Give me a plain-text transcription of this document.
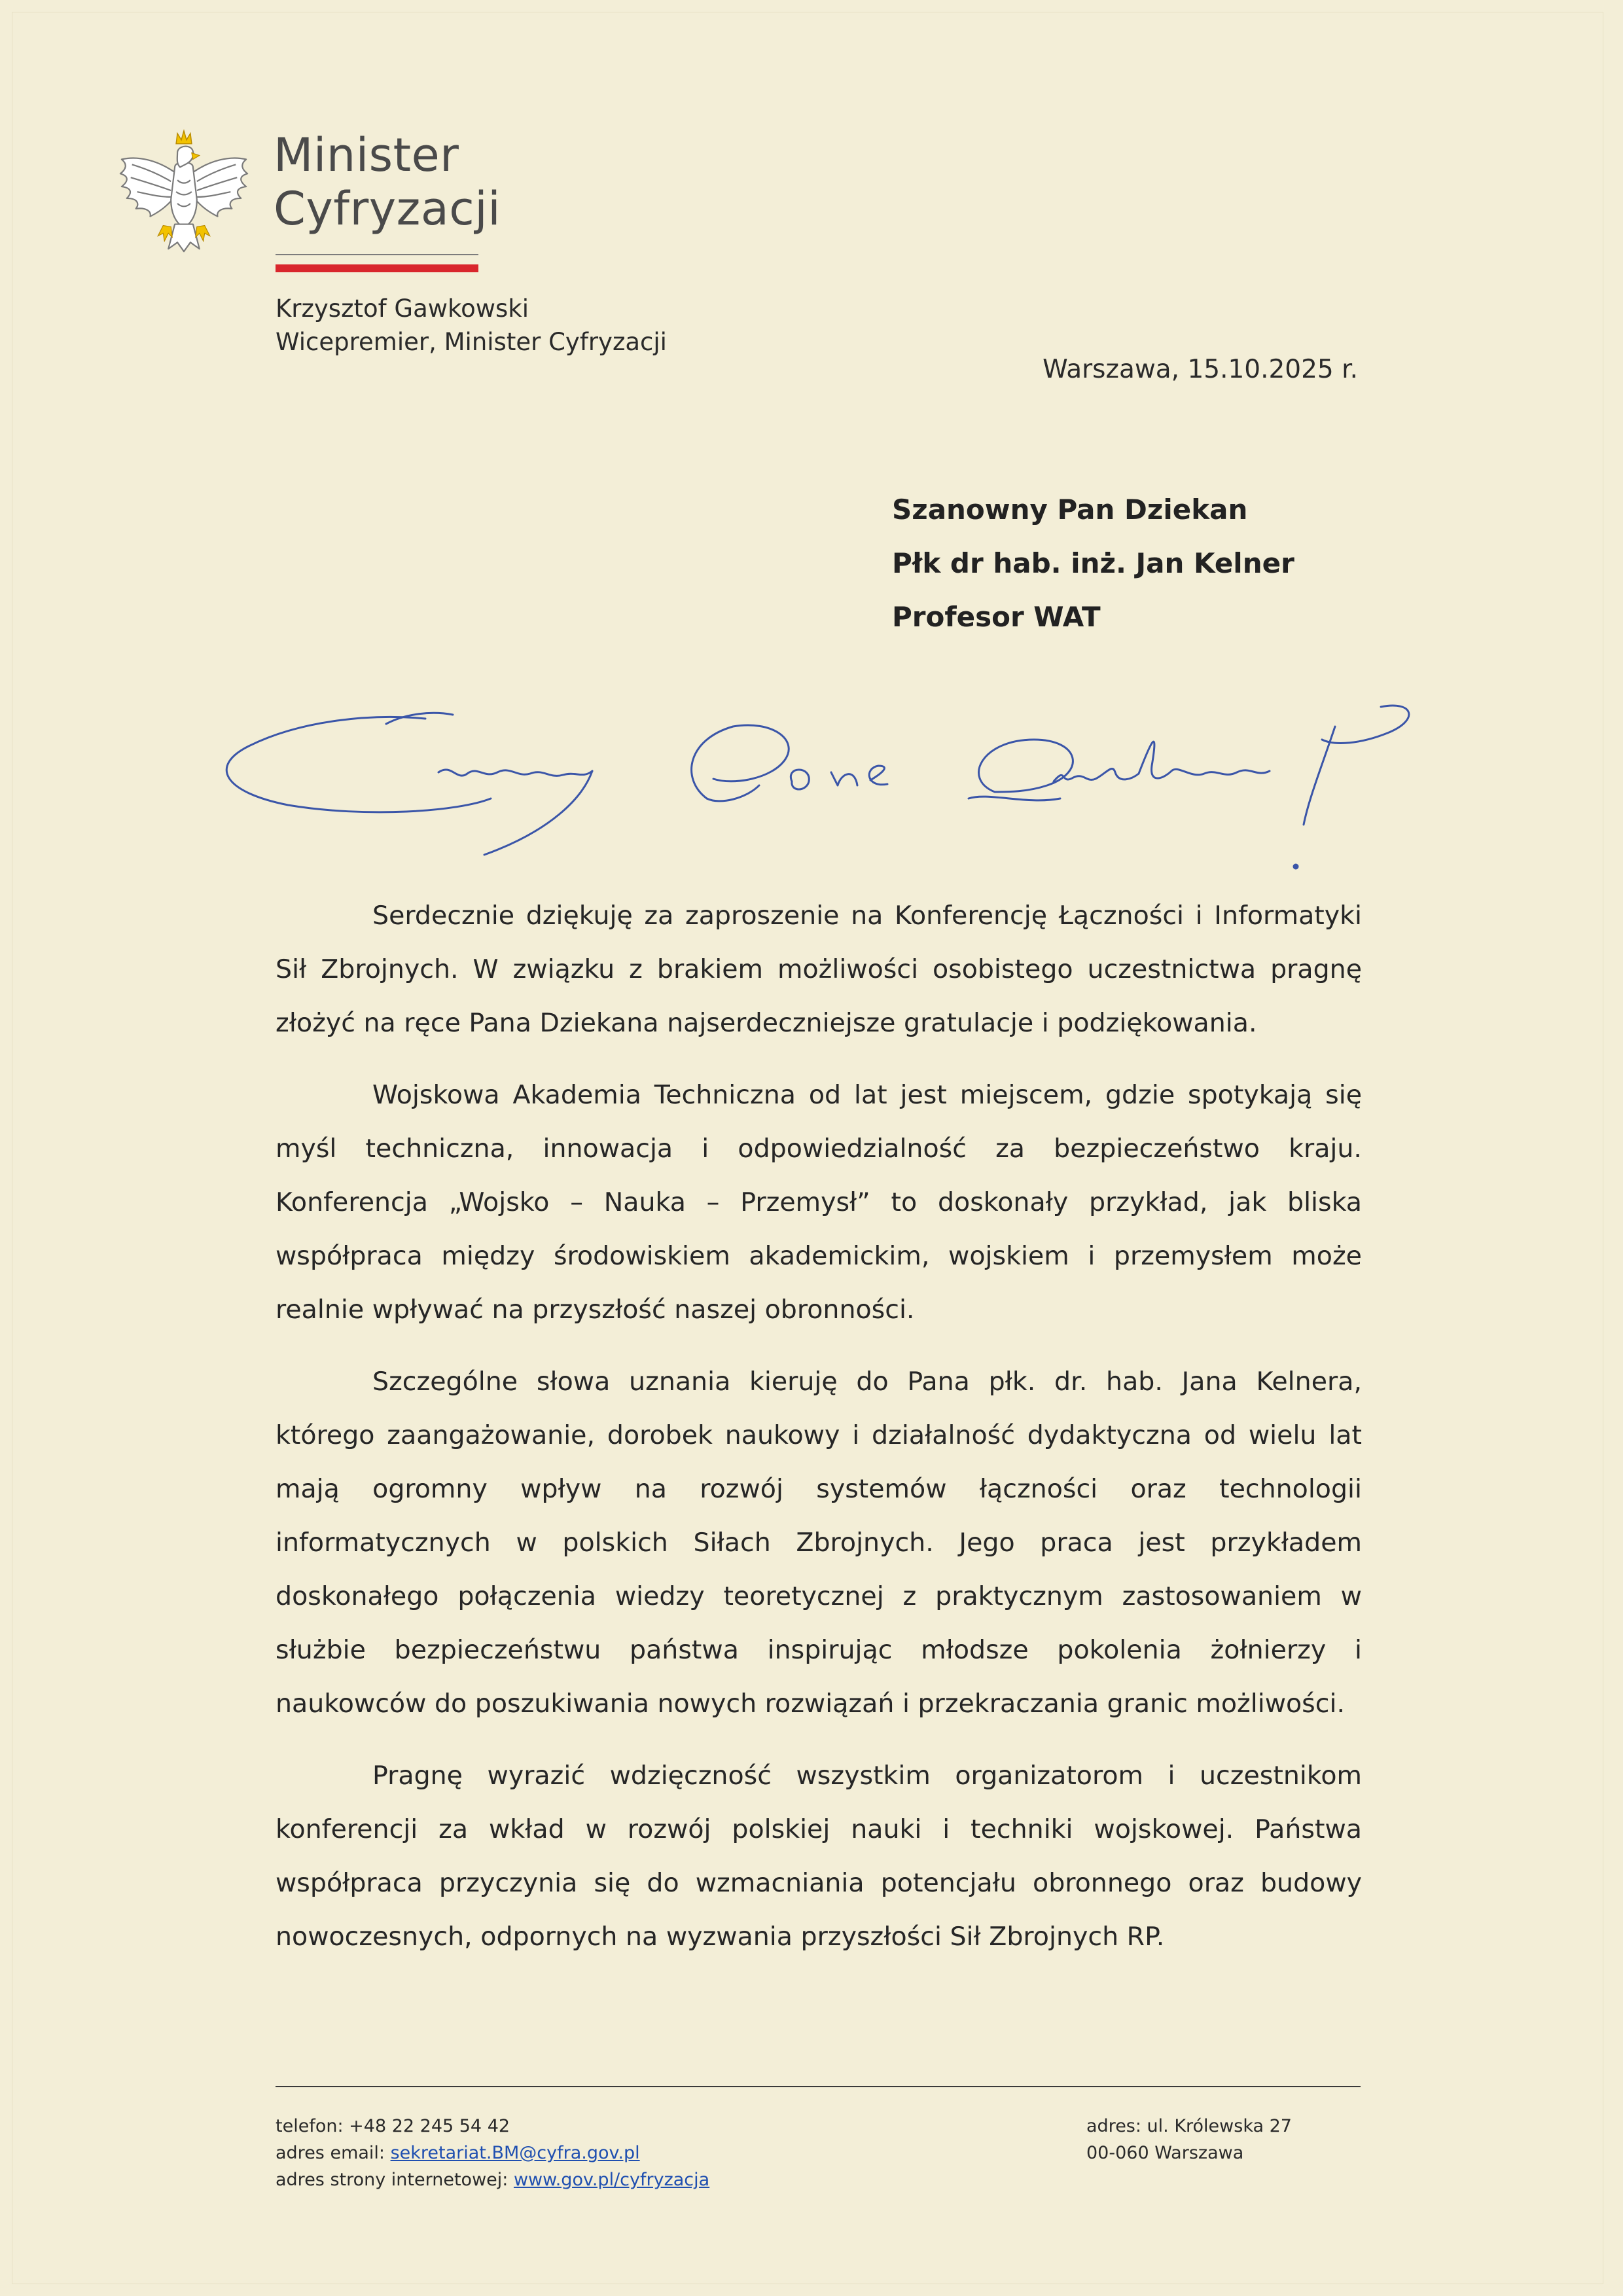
Minister
Cyfryzacji
Krzysztof Gawkowski
Wicepremier, Minister Cyfryzacji
Warszawa, 15.10.2025 r.
Szanowny Pan Dziekan
Płk dr hab. inż. Jan Kelner
Profesor WAT

Serdecznie dziękuję za zaproszenie na Konferencję Łączności i Informatyki Sił Zbrojnych. W związku z brakiem możliwości osobistego uczestnictwa pragnę złożyć na ręce Pana Dziekana najserdeczniejsze gratulacje i podziękowania.

Wojskowa Akademia Techniczna od lat jest miejscem, gdzie spotykają się myśl techniczna, innowacja i odpowiedzialność za bezpieczeństwo kraju. Konferencja „Wojsko – Nauka – Przemysł” to doskonały przykład, jak bliska współpraca między środowiskiem akademickim, wojskiem i przemysłem może realnie wpływać na przyszłość naszej obronności.

Szczególne słowa uznania kieruję do Pana płk. dr. hab. Jana Kelnera, którego zaangażowanie, dorobek naukowy i działalność dydaktyczna od wielu lat mają ogromny wpływ na rozwój systemów łączności oraz technologii informatycznych w polskich Siłach Zbrojnych. Jego praca jest przykładem doskonałego połączenia wiedzy teoretycznej z praktycznym zastosowaniem w służbie bezpieczeństwu państwa inspirując młodsze pokolenia żołnierzy i naukowców do poszukiwania nowych rozwiązań i przekraczania granic możliwości.

Pragnę wyrazić wdzięczność wszystkim organizatorom i uczestnikom konferencji za wkład w rozwój polskiej nauki i techniki wojskowej. Państwa współpraca przyczynia się do wzmacniania potencjału obronnego oraz budowy nowoczesnych, odpornych na wyzwania przyszłości Sił Zbrojnych RP.

telefon: +48 22 245 54 42
adres email: sekretariat.BM@cyfra.gov.pl
adres strony internetowej: www.gov.pl/cyfryzacja
adres: ul. Królewska 27
00-060 Warszawa
